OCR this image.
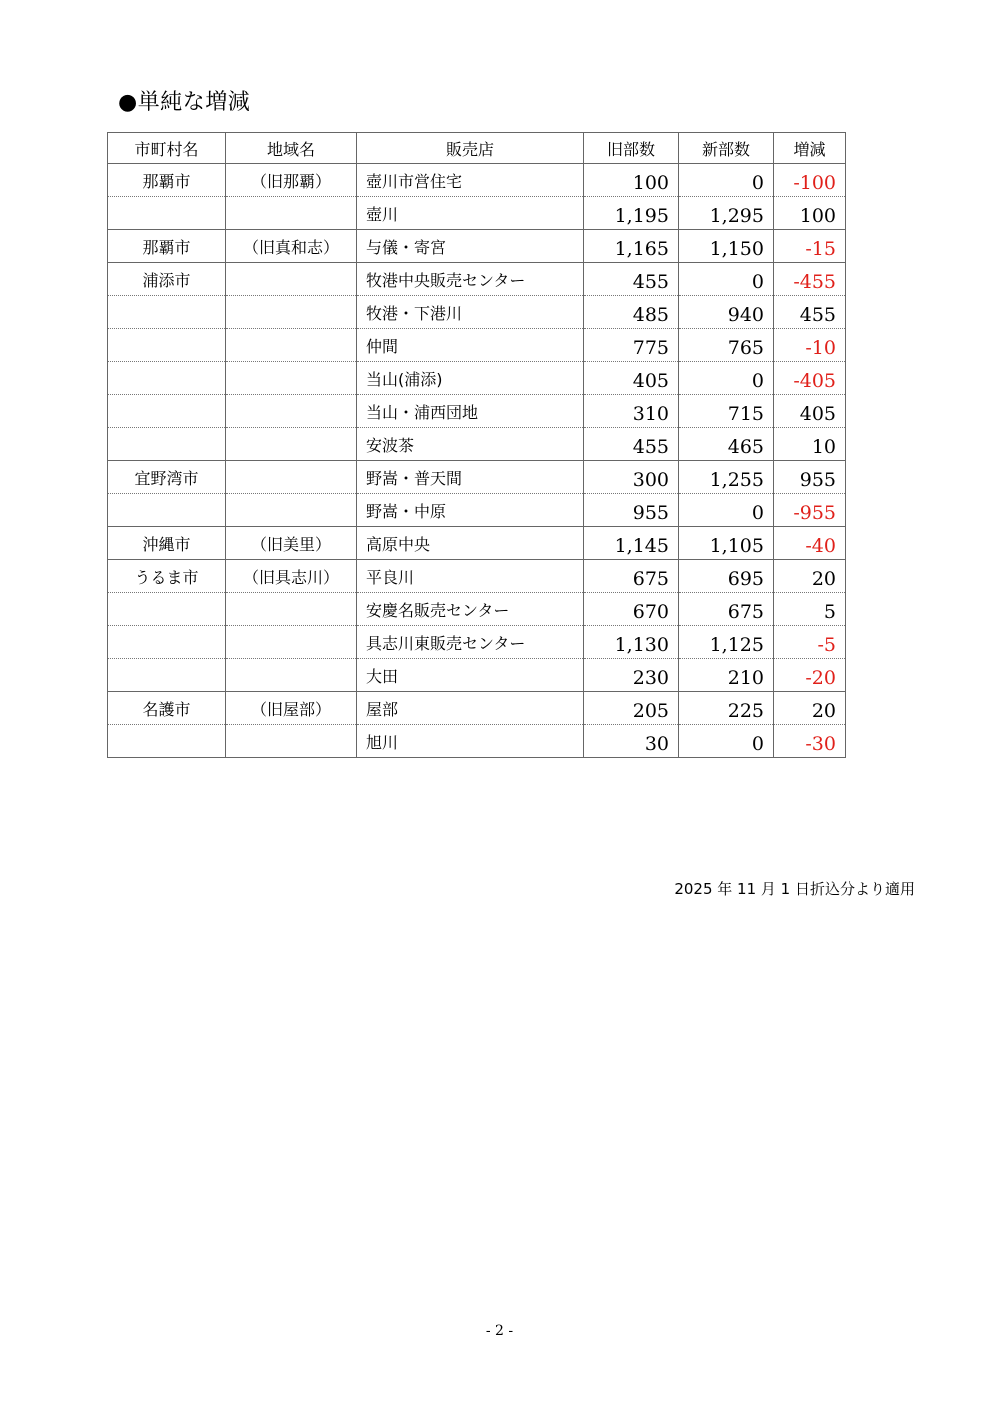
●単純な増減
市町村名	地域名	販売店	旧部数	新部数	増減
那覇市	（旧那覇）	壺川市営住宅	100	0	-100
		壺川	1,195	1,295	100
那覇市	（旧真和志）	与儀・寄宮	1,165	1,150	-15
浦添市		牧港中央販売センター	455	0	-455
		牧港・下港川	485	940	455
		仲間	775	765	-10
		当山(浦添)	405	0	-405
		当山・浦西団地	310	715	405
		安波茶	455	465	10
宜野湾市		野嵩・普天間	300	1,255	955
		野嵩・中原	955	0	-955
沖縄市	（旧美里）	高原中央	1,145	1,105	-40
うるま市	（旧具志川）	平良川	675	695	20
		安慶名販売センター	670	675	5
		具志川東販売センター	1,130	1,125	-5
		大田	230	210	-20
名護市	（旧屋部）	屋部	205	225	20
		旭川	30	0	-30
2025 年 11 月 1 日折込分より適用
- 2 -
